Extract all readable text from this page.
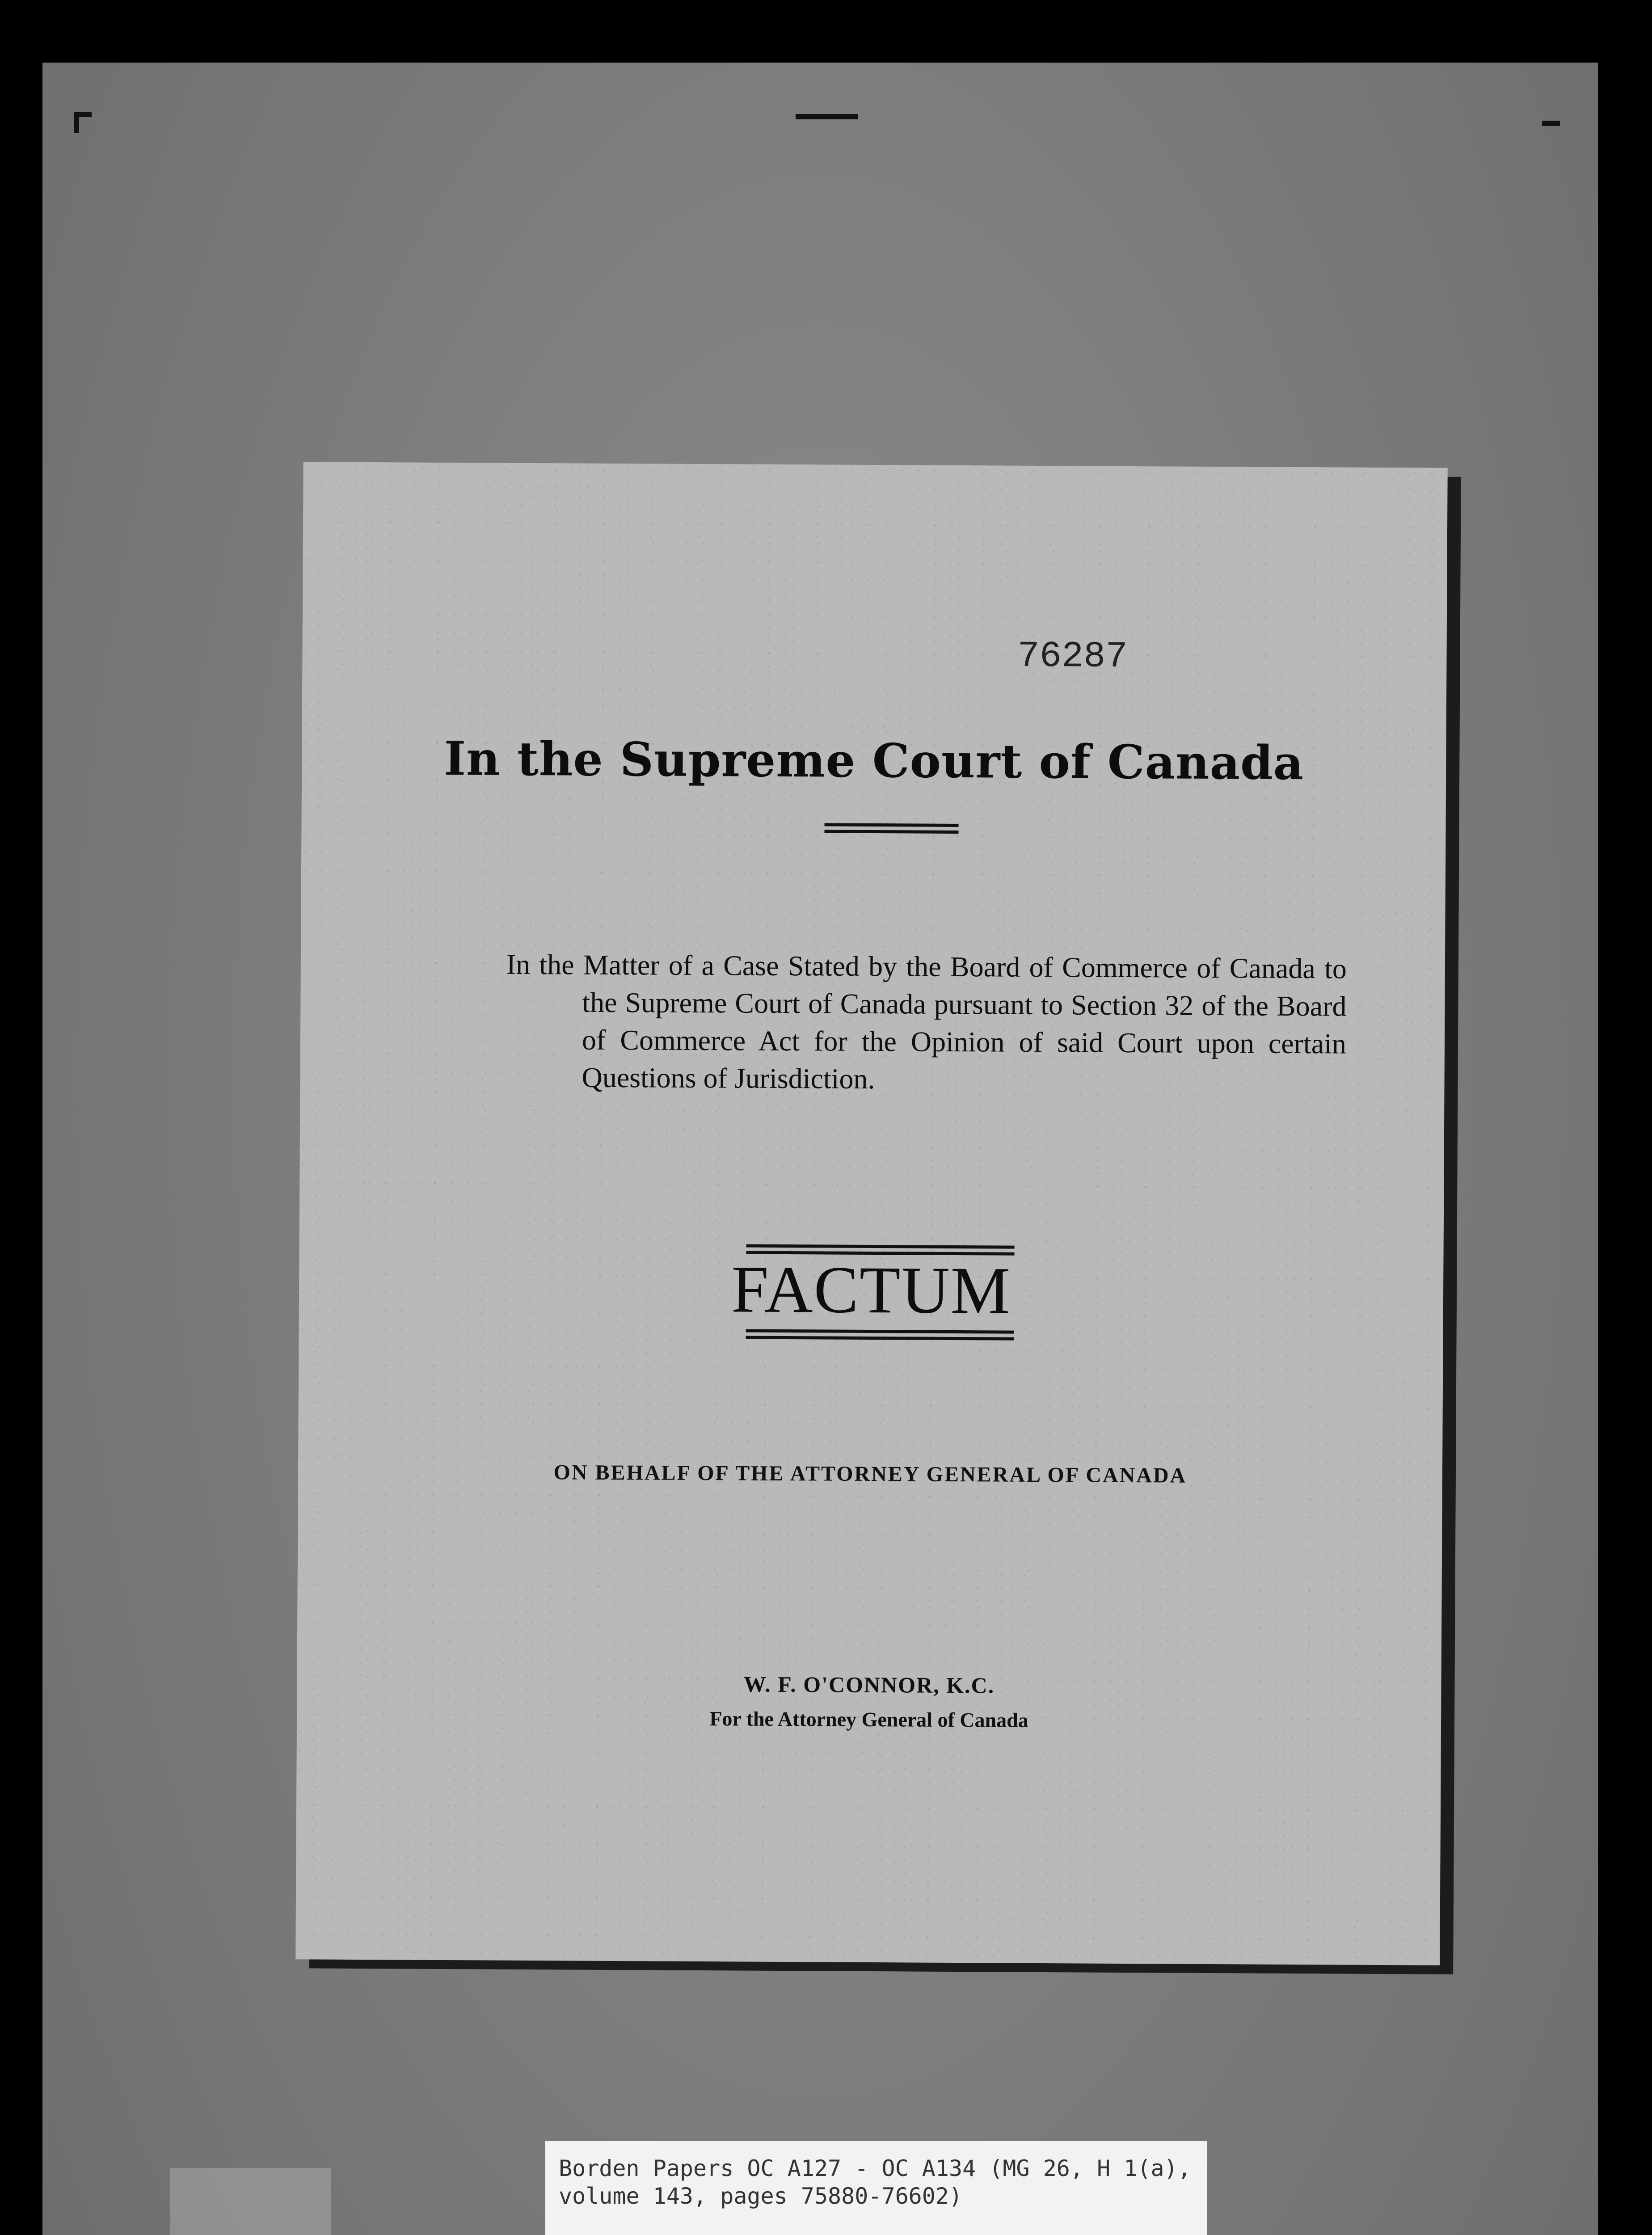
76287
In the Supreme Court of Canada
In the Matter of a Case Stated by the Board of Commerce of Canada to the Supreme Court of Canada pursuant to Section 32 of the Board of Commerce Act for the Opinion of said Court upon certain Questions of Jurisdiction.
FACTUM
ON BEHALF OF THE ATTORNEY GENERAL OF CANADA
W. F. O'CONNOR, K.C.
For the Attorney General of Canada
Borden Papers OC A127 - OC A134 (MG 26, H 1(a),
volume 143, pages 75880-76602)
